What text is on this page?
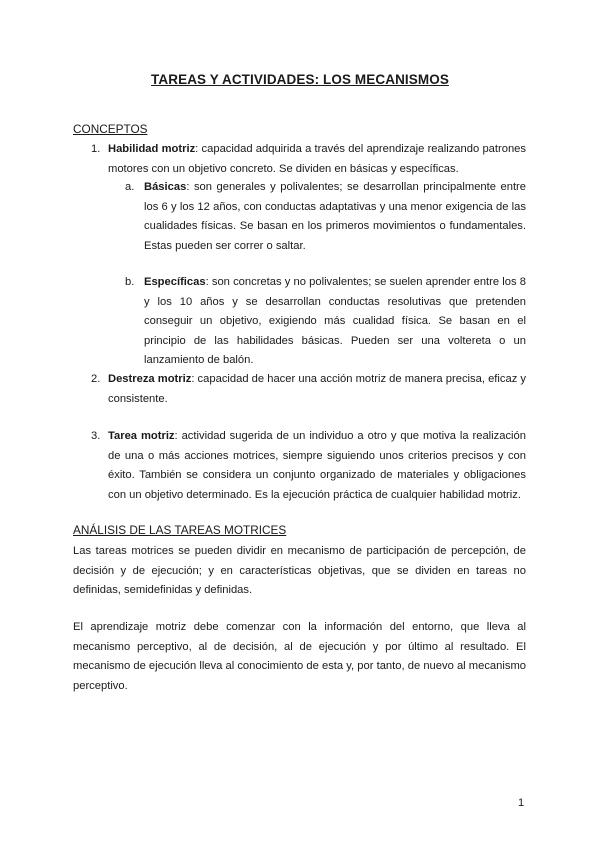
TAREAS Y ACTIVIDADES: LOS MECANISMOS
CONCEPTOS
1. Habilidad motriz: capacidad adquirida a través del aprendizaje realizando patrones motores con un objetivo concreto. Se dividen en básicas y específicas.
a. Básicas: son generales y polivalentes; se desarrollan principalmente entre los 6 y los 12 años, con conductas adaptativas y una menor exigencia de las cualidades físicas. Se basan en los primeros movimientos o fundamentales. Estas pueden ser correr o saltar.
b. Específicas: son concretas y no polivalentes; se suelen aprender entre los 8 y los 10 años y se desarrollan conductas resolutivas que pretenden conseguir un objetivo, exigiendo más cualidad física. Se basan en el principio de las habilidades básicas. Pueden ser una voltereta o un lanzamiento de balón.
2. Destreza motriz: capacidad de hacer una acción motriz de manera precisa, eficaz y consistente.
3. Tarea motriz: actividad sugerida de un individuo a otro y que motiva la realización de una o más acciones motrices, siempre siguiendo unos criterios precisos y con éxito. También se considera un conjunto organizado de materiales y obligaciones con un objetivo determinado. Es la ejecución práctica de cualquier habilidad motriz.
ANÁLISIS DE LAS TAREAS MOTRICES
Las tareas motrices se pueden dividir en mecanismo de participación de percepción, de decisión y de ejecución; y en características objetivas, que se dividen en tareas no definidas, semidefinidas y definidas.
El aprendizaje motriz debe comenzar con la información del entorno, que lleva al mecanismo perceptivo, al de decisión, al de ejecución y por último al resultado. El mecanismo de ejecución lleva al conocimiento de esta y, por tanto, de nuevo al mecanismo perceptivo.
1
